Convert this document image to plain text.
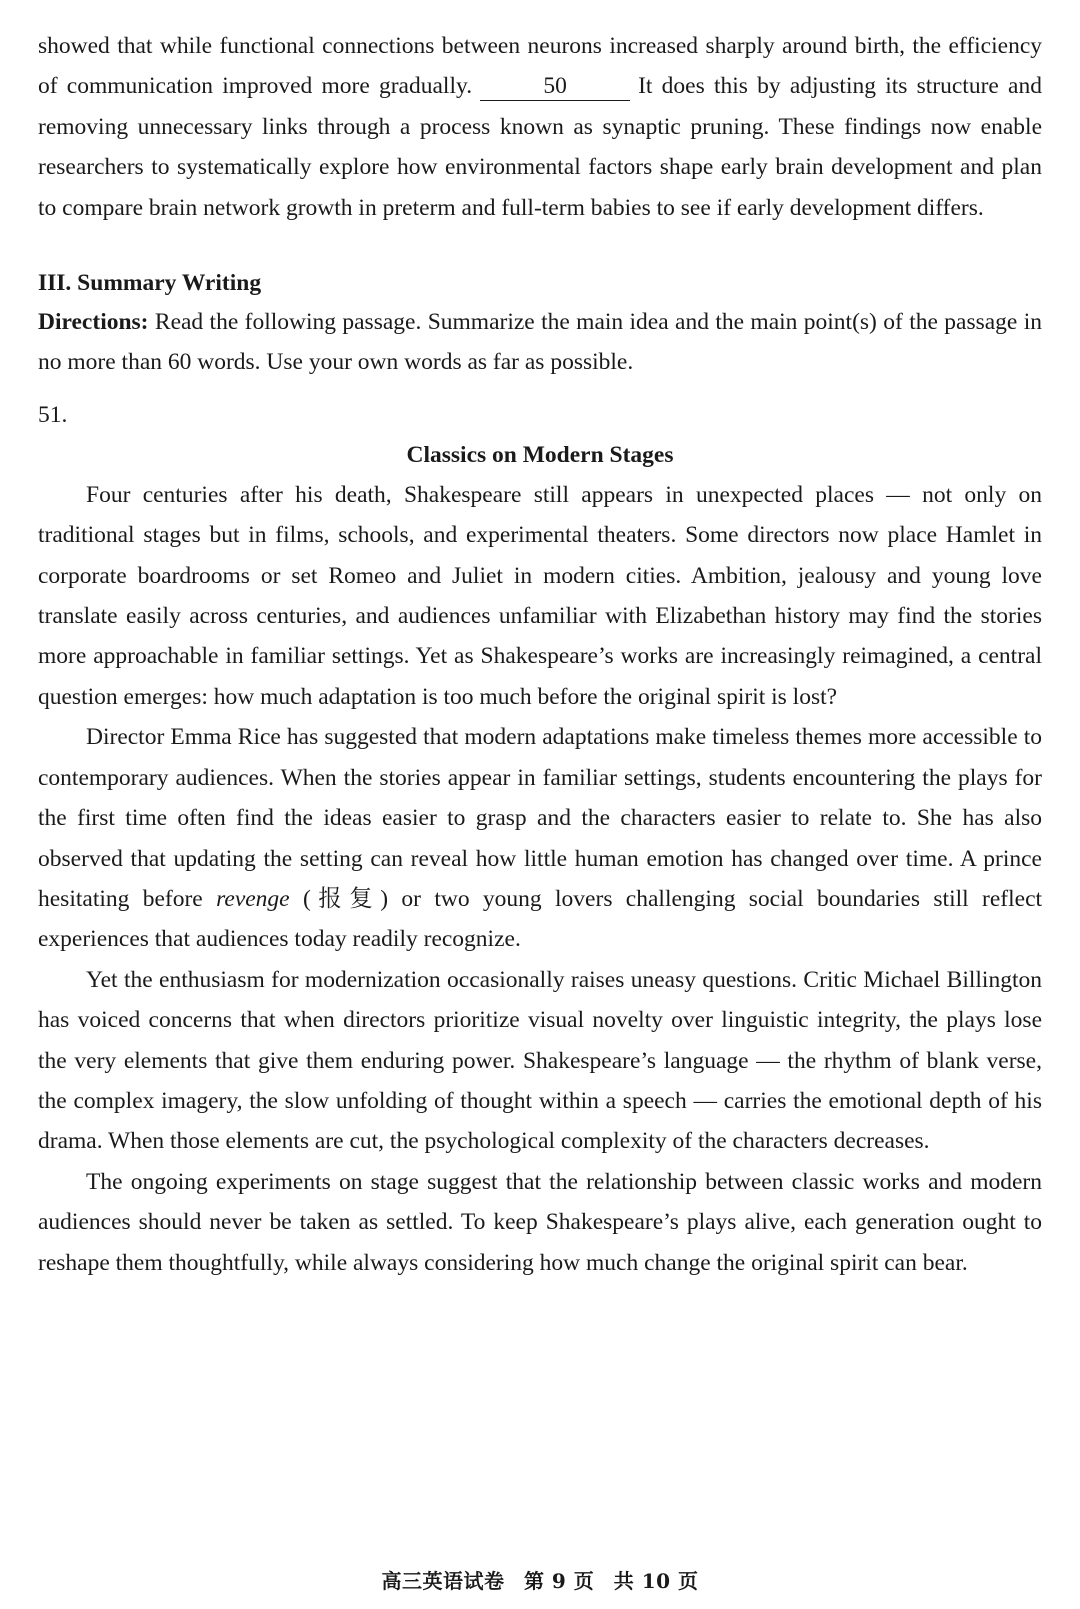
showed that while functional connections between neurons increased sharply around birth, the efficiency of communication improved more gradually.	50	It does this by adjusting its structure and removing unnecessary links through a process known as synaptic pruning. These findings now enable researchers to systematically explore how environmental factors shape early brain development and plan to compare brain network growth in preterm and full-term babies to see if early development differs.

III. Summary Writing

Directions: Read the following passage. Summarize the main idea and the main point(s) of the passage in no more than 60 words. Use your own words as far as possible.

51.
Classics on Modern Stages

Four centuries after his death, Shakespeare still appears in unexpected places — not only on traditional stages but in films, schools, and experimental theaters. Some directors now place Hamlet in corporate boardrooms or set Romeo and Juliet in modern cities. Ambition, jealousy and young love translate easily across centuries, and audiences unfamiliar with Elizabethan history may find the stories more approachable in familiar settings. Yet as Shakespeare’s works are increasingly reimagined, a central question emerges: how much adaptation is too much before the original spirit is lost?

Director Emma Rice has suggested that modern adaptations make timeless themes more accessible to contemporary audiences. When the stories appear in familiar settings, students encountering the plays for the first time often find the ideas easier to grasp and the characters easier to relate to. She has also observed that updating the setting can reveal how little human emotion has changed over time. A prince hesitating before revenge (报复) or two young lovers challenging social boundaries still reflect experiences that audiences today readily recognize.

Yet the enthusiasm for modernization occasionally raises uneasy questions. Critic Michael Billington has voiced concerns that when directors prioritize visual novelty over linguistic integrity, the plays lose the very elements that give them enduring power. Shakespeare’s language — the rhythm of blank verse, the complex imagery, the slow unfolding of thought within a speech — carries the emotional depth of his drama. When those elements are cut, the psychological complexity of the characters decreases.

The ongoing experiments on stage suggest that the relationship between classic works and modern audiences should never be taken as settled. To keep Shakespeare’s plays alive, each generation ought to reshape them thoughtfully, while always considering how much change the original spirit can bear.

高三英语试卷 第 9 页 共 10 页
